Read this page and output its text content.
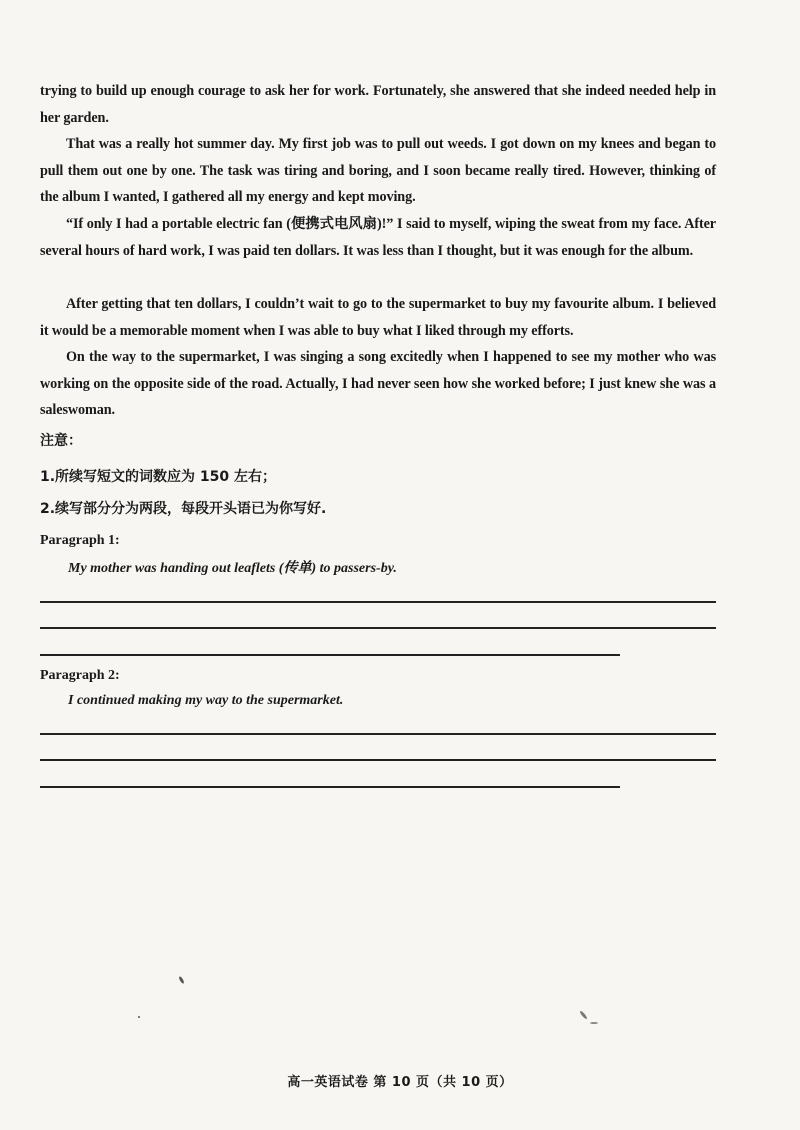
trying to build up enough courage to ask her for work. Fortunately, she answered that she indeed needed help in her garden.
That was a really hot summer day. My first job was to pull out weeds. I got down on my knees and began to pull them out one by one. The task was tiring and boring, and I soon became really tired. However, thinking of the album I wanted, I gathered all my energy and kept moving.
“If only I had a portable electric fan (便携式电风扇)!” I said to myself, wiping the sweat from my face. After several hours of hard work, I was paid ten dollars. It was less than I thought, but it was enough for the album.
After getting that ten dollars, I couldn’t wait to go to the supermarket to buy my favourite album. I believed it would be a memorable moment when I was able to buy what I liked through my efforts.
On the way to the supermarket, I was singing a song excitedly when I happened to see my mother who was working on the opposite side of the road. Actually, I had never seen how she worked before; I just knew she was a saleswoman.
注意：
1.所续写短文的词数应为 150 左右；
2.续写部分分为两段，每段开头语已为你写好.
Paragraph 1:
My mother was handing out leaflets (传单) to passers-by.
Paragraph 2:
I continued making my way to the supermarket.
高一英语试卷 第 10 页（共 10 页）
